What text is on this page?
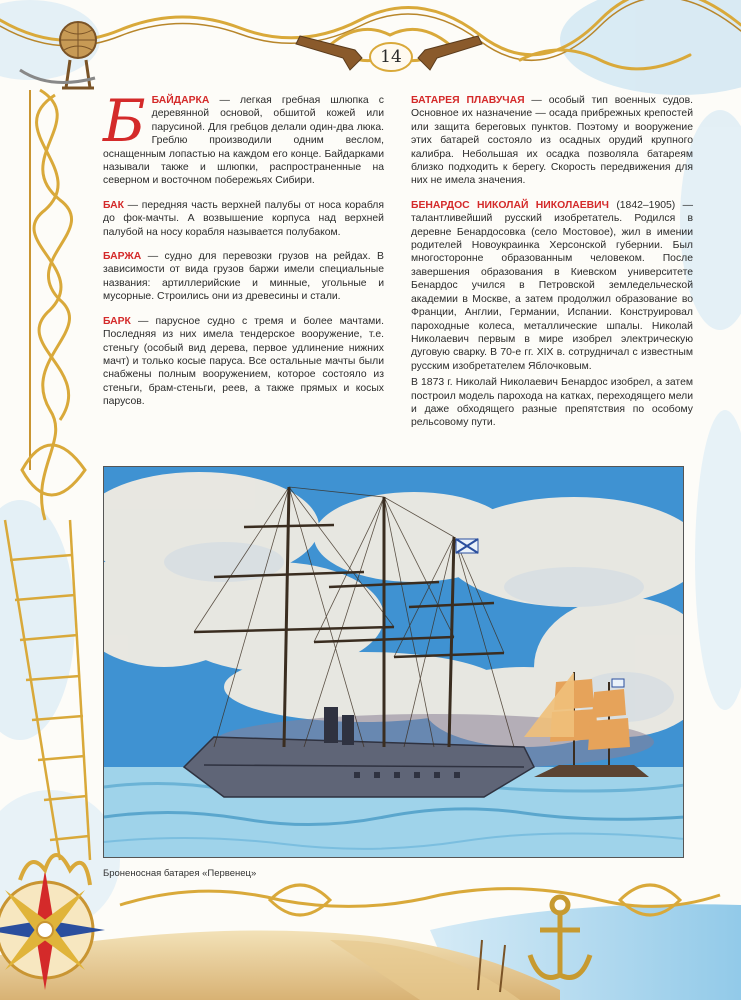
14

ББАЙДАРКА — легкая гребная шлюпка с деревянной основой, обшитой кожей или парусиной. Для гребцов делали один-два люка. Греблю производили одним веслом, оснащенным лопастью на каждом его конце. Байдарками называли также и шлюпки, распространенные на северном и восточном побережьях Сибири.

БАК — передняя часть верхней палубы от носа корабля до фок-мачты. А возвышение корпуса над верхней палубой на носу корабля называется полубаком.

БАРЖА — судно для перевозки грузов на рейдах. В зависимости от вида грузов баржи имели специальные названия: артиллерийские и минные, угольные и мусорные. Строились они из древесины и стали.

БАРК — парусное судно с тремя и более мачтами. Последняя из них имела тендерское вооружение, т.е. стеньгу (особый вид дерева, первое удлинение нижних мачт) и только косые паруса. Все остальные мачты были снабжены полным вооружением, которое состояло из стеньги, брам-стеньги, реев, а также прямых и косых парусов.

БАТАРЕЯ ПЛАВУЧАЯ — особый тип военных судов. Основное их назначение — осада прибрежных крепостей или защита береговых пунктов. Поэтому и вооружение этих батарей состояло из осадных орудий крупного калибра. Небольшая их осадка позволяла батареям близко подходить к берегу. Скорость передвижения для них не имела значения.

БЕНАРДОС НИКОЛАЙ НИКОЛАЕВИЧ (1842–1905) — талантливейший русский изобретатель. Родился в деревне Бенардосовка (село Мостовое), жил в имении родителей Новоукраинка Херсонской губернии. Был многосторонне образованным человеком. После завершения образования в Киевском университете Бенардос учился в Петровской земледельческой академии в Москве, а затем продолжил образование во Франции, Англии, Германии, Испании. Конструировал пароходные колеса, металлические шпалы. Николай Николаевич первым в мире изобрел электрическую дуговую сварку. В 70-е гг. XIX в. сотрудничал с известным русским изобретателем Яблочковым.

В 1873 г. Николай Николаевич Бенардос изобрел, а затем построил модель парохода на катках, переходящего мели и даже обходящего разные препятствия по особому рельсовому пути.

Броненосная батарея «Первенец»
